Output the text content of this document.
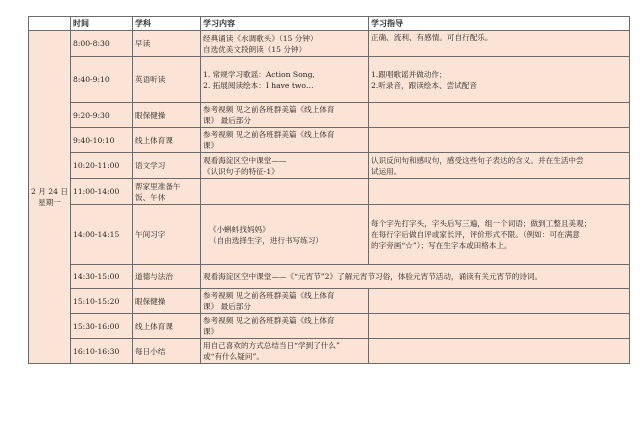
	时间	学科	学习内容	学习指导

2 月 24 日
星期一	8:00-8:30	早读	经典诵读《水调歌头》（15 分钟）
自选优美文段朗读（15 分钟）	正确、流利、有感情。可自行配乐。

	8:40-9:10	英语听读	1. 常规学习歌谣：Action Song,
2. 拓展阅读绘本：I have two…	1.跟唱歌谣并做动作；
2.听录音，跟读绘本、尝试配音

	9:20-9:30	眼保健操	参考视频 见之前各班群美篇《线上体育
课》 最后部分	

	9:40-10:10	线上体育课	参考视频 见之前各班群美篇《线上体育
课》	

	10:20-11:00	语文学习	观看海淀区空中课堂——
《认识句子的特征-1》	认识反问句和感叹句，感受这些句子表达的含义。并在生活中尝
试运用。

	11:00-14:00	帮家里准备午
饭、午休		

	14:00-14:15	午间习字	《小蝌蚪找妈妈》
（自由选择生字，进行书写练习）	每个字先打字头，字头后写三遍，组一个词语；做到工整且美观；
在每行字后做自评或家长评，评价形式不限。（例如：可在满意
的字旁画“☆”）；写在生字本或田格本上。

	14:30-15:00	道德与法治	观看海淀区空中课堂——《“元宵节”2》了解元宵节习俗，体验元宵节活动，诵读有关元宵节的诗词。	

	15:10-15:20	眼保健操	参考视频 见之前各班群美篇《线上体育
课》 最后部分	

	15:30-16:00	线上体育课	参考视频 见之前各班群美篇《线上体育
课》	

	16:10-16:30	每日小结	用自己喜欢的方式总结当日“学到了什么”
或“有什么疑问”。	
